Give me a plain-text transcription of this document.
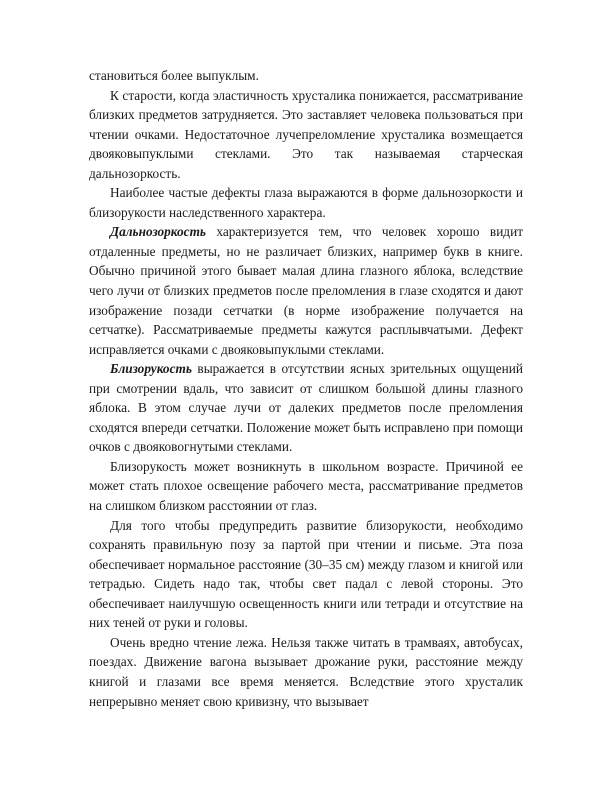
становиться более выпуклым.

К старости, когда эластичность хрусталика понижается, рассматривание близких предметов затрудняется. Это заставляет человека пользоваться при чтении очками. Недостаточное лучепреломление хрусталика возмещается двояковыпуклыми стеклами. Это так называемая старческая дальнозоркость.

Наиболее частые дефекты глаза выражаются в форме дальнозоркости и близорукости наследственного характера.

Дальнозоркость характеризуется тем, что человек хорошо видит отдаленные предметы, но не различает близких, например букв в книге. Обычно причиной этого бывает малая длина глазного яблока, вследствие чего лучи от близких предметов после преломления в глазе сходятся и дают изображение позади сетчатки (в норме изображение получается на сетчатке). Рассматриваемые предметы кажутся расплывчатыми. Дефект исправляется очками с двояковыпуклыми стеклами.

Близорукость выражается в отсутствии ясных зрительных ощущений при смотрении вдаль, что зависит от слишком большой длины глазного яблока. В этом случае лучи от далеких предметов после преломления сходятся впереди сетчатки. Положение может быть исправлено при помощи очков с двояковогнутыми стеклами.

Близорукость может возникнуть в школьном возрасте. Причиной ее может стать плохое освещение рабочего места, рассматривание предметов на слишком близком расстоянии от глаз.

Для того чтобы предупредить развитие близорукости, необходимо сохранять правильную позу за партой при чтении и письме. Эта поза обеспечивает нормальное расстояние (30–35 см) между глазом и книгой или тетрадью. Сидеть надо так, чтобы свет падал с левой стороны. Это обеспечивает наилучшую освещенность книги или тетради и отсутствие на них теней от руки и головы.

Очень вредно чтение лежа. Нельзя также читать в трамваях, автобусах, поездах. Движение вагона вызывает дрожание руки, расстояние между книгой и глазами все время меняется. Вследствие этого хрусталик непрерывно меняет свою кривизну, что вызывает
